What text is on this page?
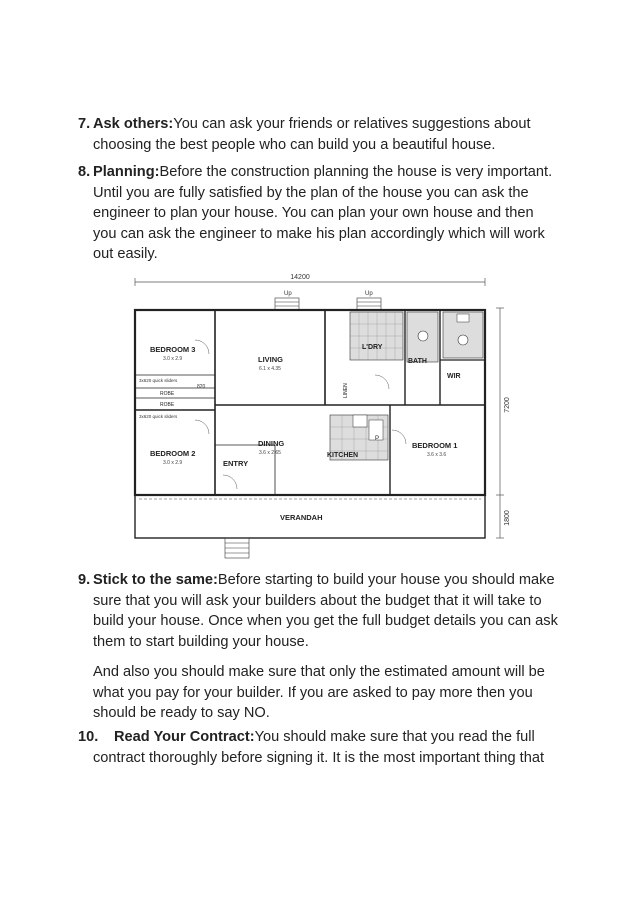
7. Ask others:You can ask your friends or relatives suggestions about
choosing the best people who can build you a beautiful house.
8. Planning:Before the construction planning the house is very important.
Until you are fully satisfied by the plan of the house you can ask the
engineer to plan your house. You can plan your own house and then
you can ask the engineer to make his plan accordingly which will work
out easily.
14200
7200
1800
Up	Up
BEDROOM 3
3.0 x 2.9	LIVING
6.1 x 4.35
L'DRY
BATH
WIR
LINEN
3x620 quick sliders
ROBE
ROBE
3x620 quick sliders
BEDROOM 2
3.0 x 2.9	ENTRY
DINING
3.6 x 2.65	KITCHEN
BEDROOM 1
3.6 x 3.6
VERANDAH
820
P
9. Stick to the same:Before starting to build your house you should make
sure that you will ask your builders about the budget that it will take to
build your house. Once when you get the full budget details you can ask
them to start building your house.
And also you should make sure that only the estimated amount will be
what you pay for your builder. If you are asked to pay more then you
should be ready to say NO.
10.	Read Your Contract:You should make sure that you read the full
contract thoroughly before signing it. It is the most important thing that
